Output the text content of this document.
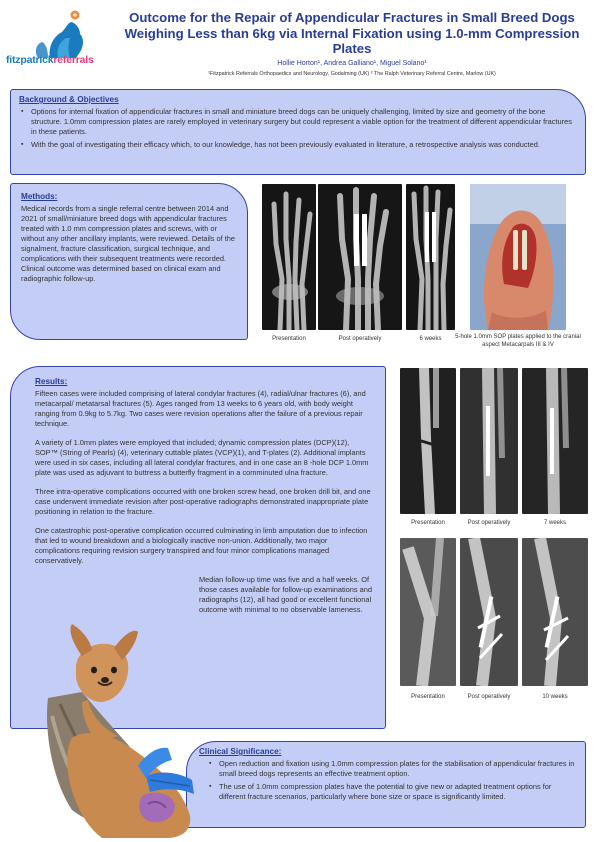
fitzpatrickreferrals
Outcome for the Repair of Appendicular Fractures in Small Breed Dogs Weighing Less than 6kg via Internal Fixation using 1.0-mm Compression Plates
Hollie Horton¹, Andrea Galliano¹, Miguel Solano¹
¹Fitzpatrick Referrals Orthopaedics and Neurology, Godalming (UK) ² The Ralph Veterinary Referral Centre, Marlow (UK)
Background & Objectives
▪ Options for internal fixation of appendicular fractures in small and miniature breed dogs can be uniquely challenging, limited by size and geometry of the bone structure. 1.0mm compression plates are rarely employed in veterinary surgery but could represent a viable option for the treatment of different appendicular fractures in these patients.
▪ With the goal of investigating their efficacy which, to our knowledge, has not been previously evaluated in literature, a retrospective analysis was conducted.
Methods:

Medical records from a single referral centre between 2014 and 2021 of small/miniature breed dogs with appendicular fractures treated with 1.0 mm compression plates and screws, with or without any other ancillary implants, were reviewed. Details of the signalment, fracture classification, surgical technique, and complications with their subsequent treatments were recorded. Clinical outcome was determined based on clinical exam and radiographic follow-up.

Presentation	Post operatively	6 weeks	5-hole 1.0mm SOP plates applied to the cranial aspect Metacarpals III & IV
Results:

Fifteen cases were included comprising of lateral condylar fractures (4), radial/ulnar fractures (6), and metacarpal/ metatarsal fractures (5). Ages ranged from 13 weeks to 6 years old, with body weight ranging from 0.9kg to 5.7kg. Two cases were revision operations after the failure of a previous repair technique.

A variety of 1.0mm plates were employed that included; dynamic compression plates (DCP)(12), SOP™ (String of Pearls) (4), veterinary cuttable plates (VCP)(1), and T-plates (2). Additional implants were used in six cases, including all lateral condylar fractures, and in one case an 8 -hole DCP 1.0mm plate was used as adjuvant to buttress a butterfly fragment in a comminuted ulna fracture.

Three intra-operative complications occurred with one broken screw head, one broken drill bit, and one case underwent immediate revision after post-operative radiographs demonstrated inappropriate plate positioning in relation to the fracture.

One catastrophic post-operative complication occurred culminating in limb amputation due to infection that led to wound breakdown and a biologically inactive non-union. Additionally, two major complications requiring revision surgery transpired and four minor complications managed conservatively.

Median follow-up time was five and a half weeks. Of those cases available for follow-up examinations and radiographs (12), all had good or excellent functional outcome with minimal to no observable lameness.

Presentation	Post operatively	7 weeks
Presentation	Post operatively	10 weeks
Clinical Significance:
▪ Open reduction and fixation using 1.0mm compression plates for the stabilisation of appendicular fractures in small breed dogs represents an effective treatment option.
▪ The use of 1.0mm compression plates have the potential to give new or adapted treatment options for different fracture scenarios, particularly where bone size or space is significantly limited.
